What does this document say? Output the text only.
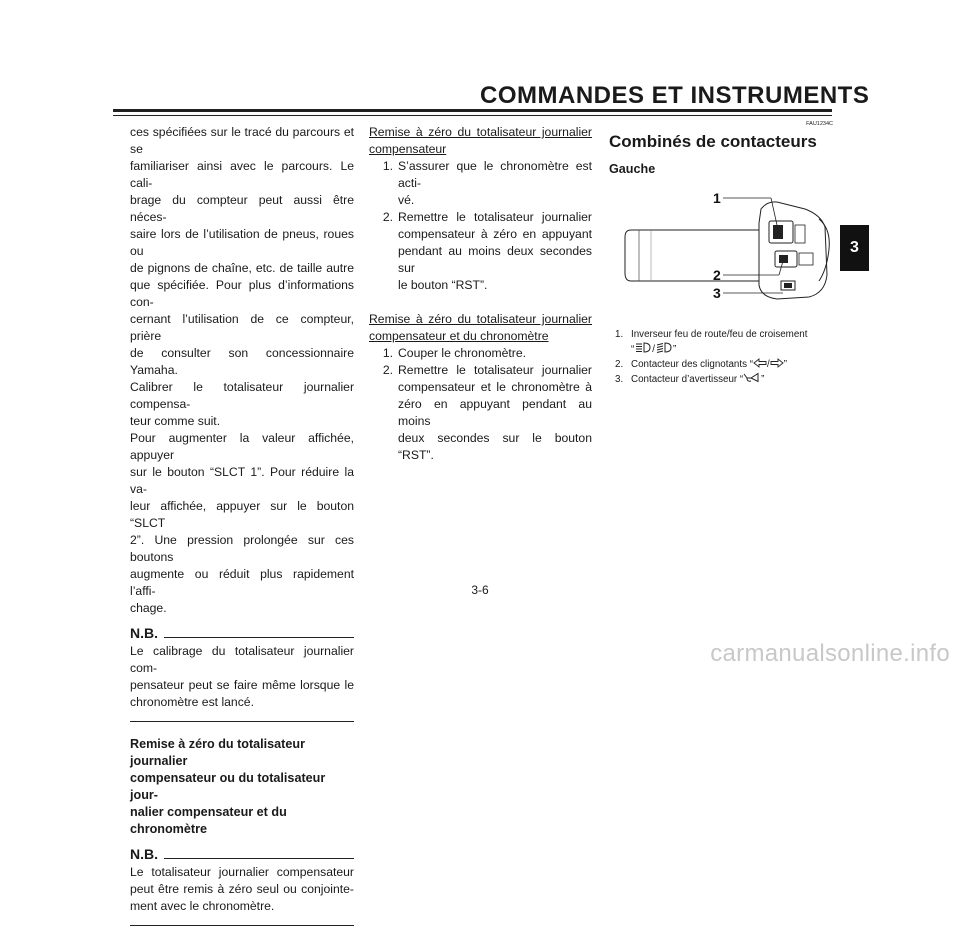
COMMANDES ET INSTRUMENTS
3

ces spécifiées sur le tracé du parcours et se

familiariser ainsi avec le parcours. Le cali-

brage du compteur peut aussi être néces-

saire lors de l’utilisation de pneus, roues ou

de pignons de chaîne, etc. de taille autre

que spécifiée. Pour plus d’informations con-

cernant l’utilisation de ce compteur, prière

de consulter son concessionnaire Yamaha.

Calibrer le totalisateur journalier compensa-

teur comme suit.

Pour augmenter la valeur affichée, appuyer

sur le bouton “SLCT 1”. Pour réduire la va-

leur affichée, appuyer sur le bouton “SLCT

2”. Une pression prolongée sur ces boutons

augmente ou réduit plus rapidement l’affi-

chage.

N.B.

Le calibrage du totalisateur journalier com-

pensateur peut se faire même lorsque le

chronomètre est lancé.

Remise à zéro du totalisateur journalier
compensateur ou du totalisateur jour-
nalier compensateur et du chronomètre
N.B.

Le totalisateur journalier compensateur

peut être remis à zéro seul ou conjointe-

ment avec le chronomètre.

Remise à zéro du totalisateur journalier

compensateur

1. S’assurer que le chronomètre est acti-
vé.
2. Remettre le totalisateur journalier
compensateur à zéro en appuyant
pendant au moins deux secondes sur
le bouton “RST”.

Remise à zéro du totalisateur journalier

compensateur et du chronomètre

1. Couper le chronomètre.
2. Remettre le totalisateur journalier
compensateur et le chronomètre à
zéro en appuyant pendant au moins
deux secondes sur le bouton “RST”.

FAU1234C

Combinés de contacteurs

Gauche
1
2
3
1. Inverseur feu de route/feu de croisement
“ / ”
2. Contacteur des clignotants “ / ”
3. Contacteur d’avertisseur “ ”
3-6
carmanualsonline.info
